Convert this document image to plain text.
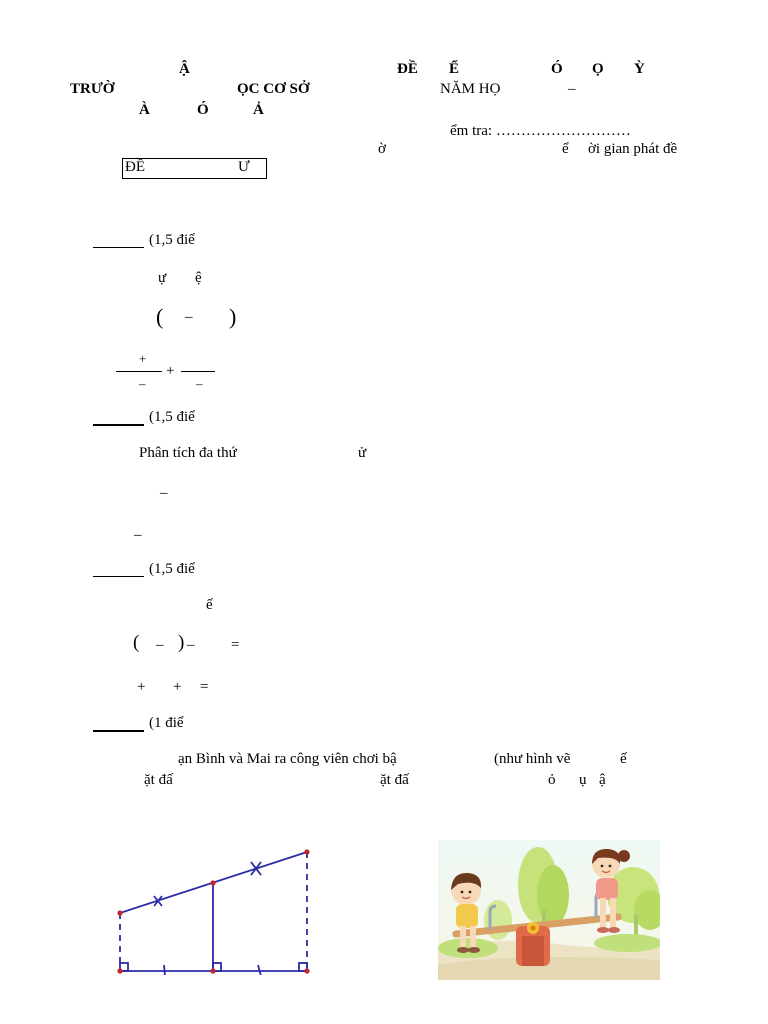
Ậ
TRƯỜ	ỌC CƠ SỞ
À	Ó	Ả
ĐỀ Ể	Ó Ọ Ỳ
NĂM HỌ	–
ểm tra: ………………………
ờ	ể ời gian phát đề
ĐỀ	Ư
(1,5 điể
ự ệ
( – )
+
–
+
–
(1,5 điể
Phân tích đa thứ	ử
–
–
(1,5 điể
ế
( – ) – =
+ + =
(1 điể
ạn Bình và Mai ra công viên chơi bậ	(như hình vẽ	ế
ặt đấ	ặt đấ	ỏ ụ ậ
